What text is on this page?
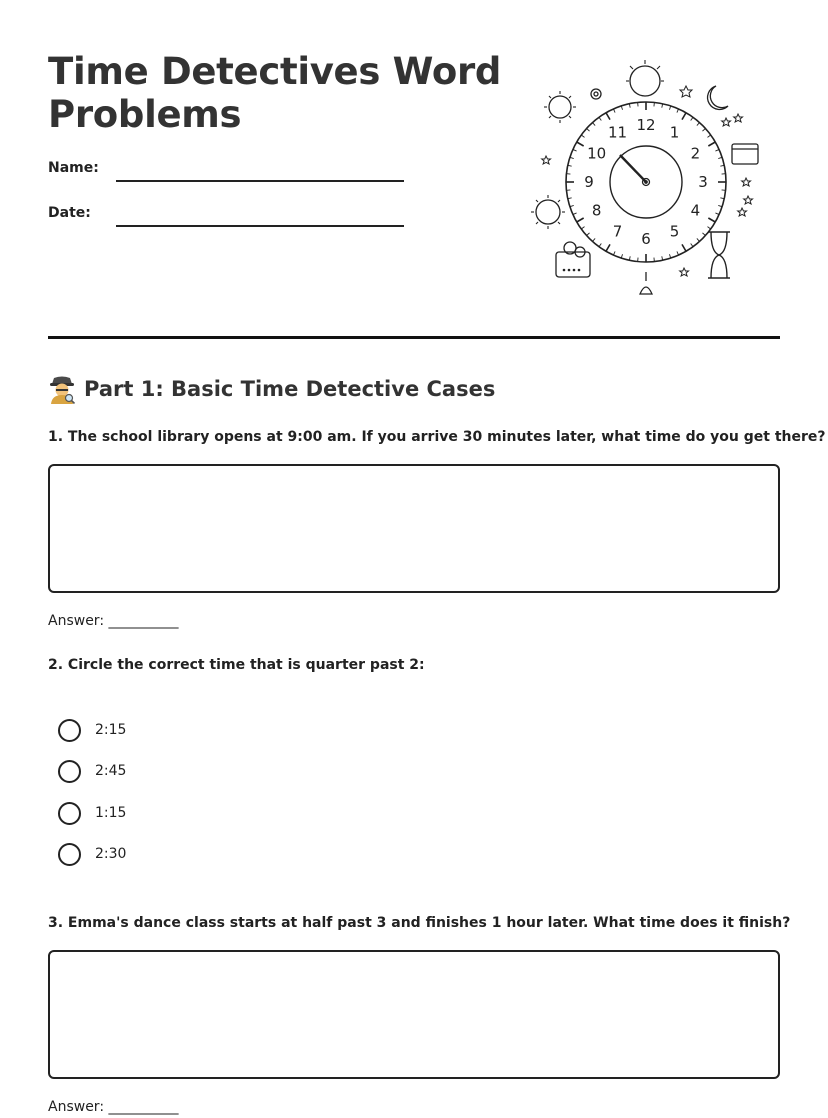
Time Detectives Word
Problems
Name:
Date:
12 1
2
3
4
5
6
7
8
9
10
11
Part 1: Basic Time Detective Cases
1. The school library opens at 9:00 am. If you arrive 30 minutes later, what time do you get there?
Answer: __________
2. Circle the correct time that is quarter past 2:
2:15
2:45
1:15
2:30
3. Emma's dance class starts at half past 3 and finishes 1 hour later. What time does it finish?
Answer: __________
